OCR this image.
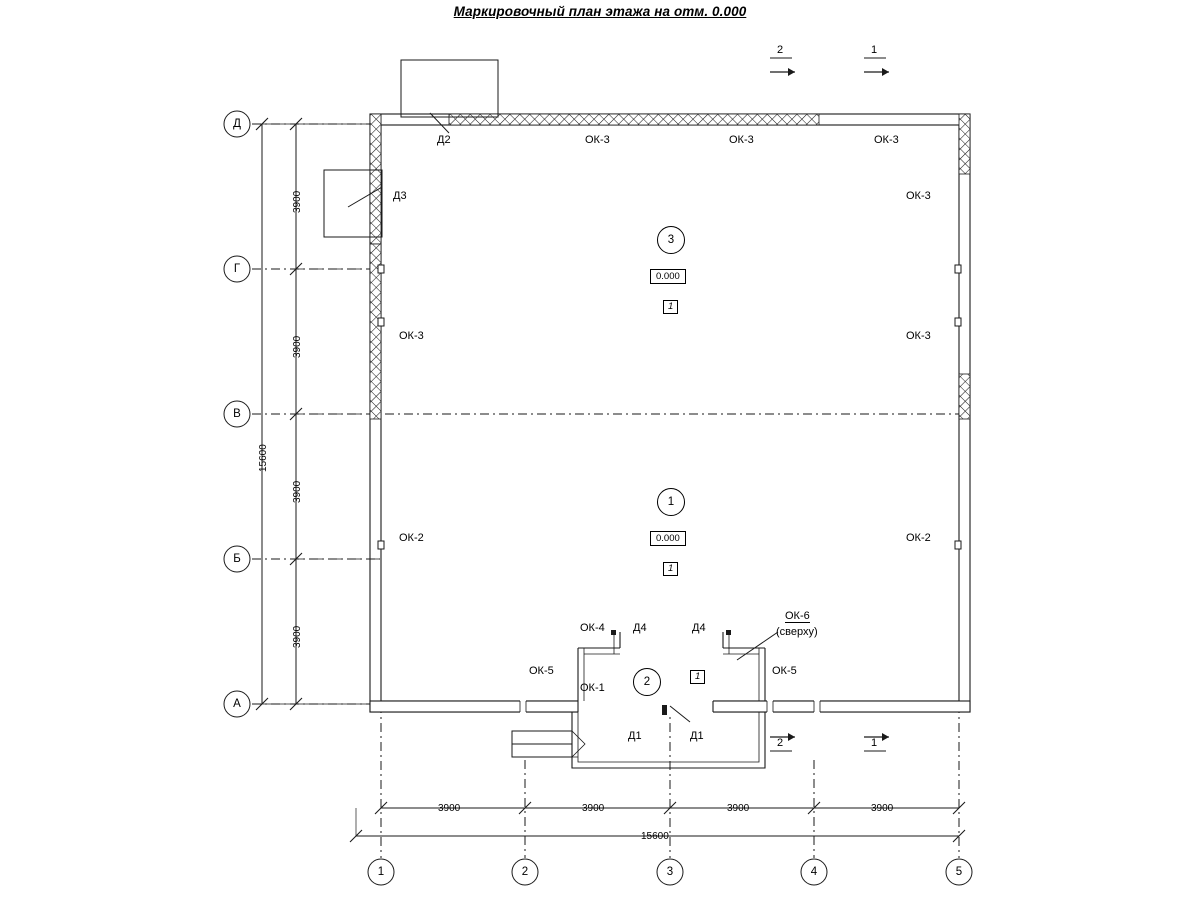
Маркировочный план этажа на отм. 0.000
Д
Г
В
Б
А
1	2	3	4	5
3
1
2
0.000
0.000
1
1
1
Д2
Д3
ОК-3	ОК-3	ОК-3
ОК-3
ОК-3	ОК-3
ОК-2	ОК-2
ОК-4	Д4	Д4
ОК-6
(сверху)
ОК-5
ОК-1
ОК-5
Д1	Д1
2	1
2	1
3900
3900
3900
3900
15600
3900	3900	3900	3900
15600
